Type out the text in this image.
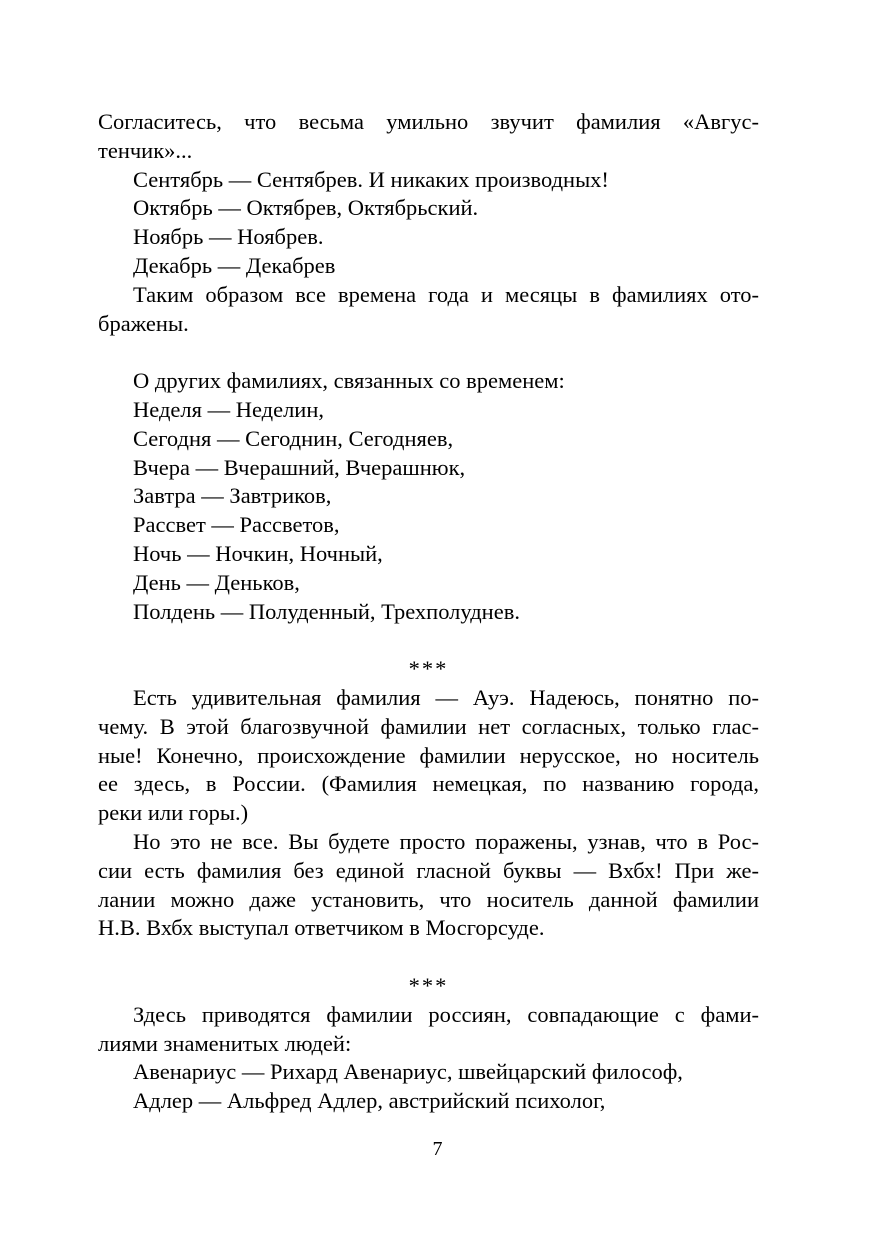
Согласитесь, что весьма умильно звучит фамилия «Авгус-
тенчик»...
Сентябрь — Сентябрев. И никаких производных!
Октябрь — Октябрев, Октябрьский.
Ноябрь — Ноябрев.
Декабрь — Декабрев
Таким образом все времена года и месяцы в фамилиях ото-
бражены.
О других фамилиях, связанных со временем:
Неделя — Неделин,
Сегодня — Сегоднин, Сегодняев,
Вчера — Вчерашний, Вчерашнюк,
Завтра — Завтриков,
Рассвет — Рассветов,
Ночь — Ночкин, Ночный,
День — Деньков,
Полдень — Полуденный, Трехполуднев.
***
Есть удивительная фамилия — Ауэ. Надеюсь, понятно по-
чему. В этой благозвучной фамилии нет согласных, только глас-
ные! Конечно, происхождение фамилии нерусское, но носитель
ее здесь, в России. (Фамилия немецкая, по названию города,
реки или горы.)
Но это не все. Вы будете просто поражены, узнав, что в Рос-
сии есть фамилия без единой гласной буквы — Вхбх! При же-
лании можно даже установить, что носитель данной фамилии
Н.В. Вхбх выступал ответчиком в Мосгорсуде.
***
Здесь приводятся фамилии россиян, совпадающие с фами-
лиями знаменитых людей:
Авенариус — Рихард Авенариус, швейцарский философ,
Адлер — Альфред Адлер, австрийский психолог,
7
